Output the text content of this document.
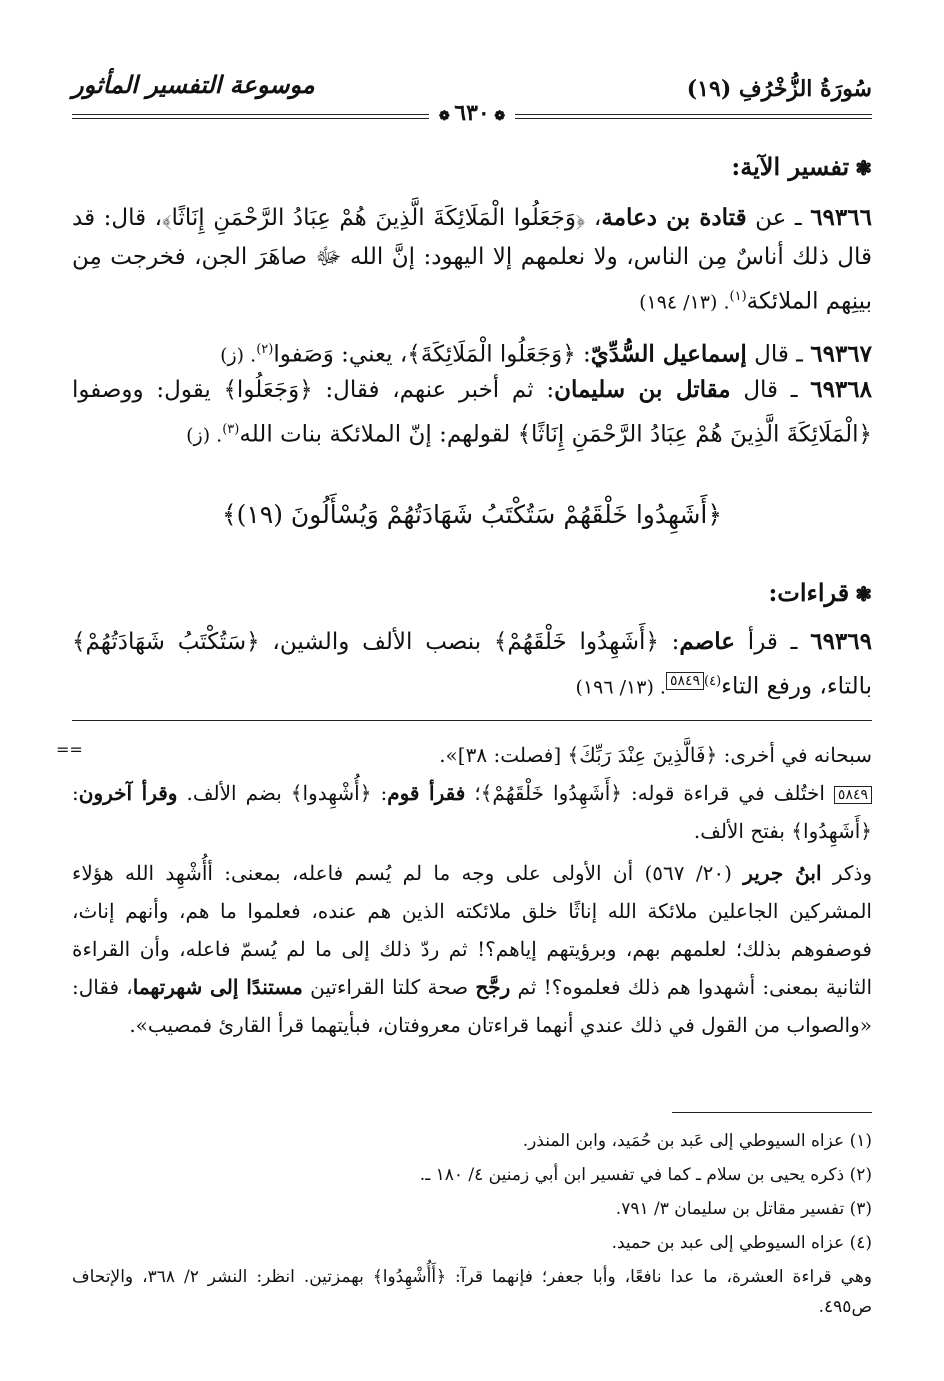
سُورَةُ الزُّخْرُفِ (١٩)
موسوعة التفسير المأثور
❁ ٦٣٠ ❁
❃تفسير الآية:
٦٩٣٦٦ ـ عن قتادة بن دعامة، ﴿وَجَعَلُوا الْمَلَائِكَةَ الَّذِينَ هُمْ عِبَادُ الرَّحْمَنِ إِنَاثًا﴾، قال: قد قال ذلك أناسٌ مِن الناس، ولا نعلمهم إلا اليهود: إنَّ الله ﷻ صاهَرَ الجن، فخرجت مِن بينِهم الملائكة$^{(١)}$. (١٣/ ١٩٤)
٦٩٣٦٧ ـ قال إسماعيل السُّدِّيّ: ﴿وَجَعَلُوا الْمَلَائِكَةَ﴾، يعني: وَصَفوا$^{(٢)}$. (ز)
٦٩٣٦٨ ـ قال مقاتل بن سليمان: ثم أخبر عنهم، فقال: ﴿وَجَعَلُوا﴾ يقول: ووصفوا ﴿الْمَلَائِكَةَ الَّذِينَ هُمْ عِبَادُ الرَّحْمَنِ إِنَاثًا﴾ لقولهم: إنّ الملائكة بنات الله$^{(٣)}$. (ز)
﴿أَشَهِدُوا خَلْقَهُمْ سَتُكْتَبُ شَهَادَتُهُمْ وَيُسْأَلُونَ (١٩)﴾
❃قراءات:
٦٩٣٦٩ ـ قرأ عاصم: ﴿أَشَهِدُوا خَلْقَهُمْ﴾ بنصب الألف والشين، ﴿سَتُكْتَبُ شَهَادَتُهُمْ﴾ بالتاء، ورفع التاء$^{(٤)}$٥٨٤٩. (١٣/ ١٩٦)
==	سبحانه في أخرى: ﴿فَالَّذِينَ عِنْدَ رَبِّكَ﴾ [فصلت: ٣٨]».
٥٨٤٩ اختُلف في قراءة قوله: ﴿أَشَهِدُوا خَلْقَهُمْ﴾؛ فقرأ قوم: ﴿أُشْهِدوا﴾ بضم الألف. وقرأ آخرون: ﴿أَشَهِدُوا﴾ بفتح الألف.
وذكر ابنُ جرير (٢٠/ ٥٦٧) أن الأولى على وجه ما لم يُسم فاعله، بمعنى: أأُشْهِد الله هؤلاء المشركين الجاعلين ملائكة الله إناثًا خلق ملائكته الذين هم عنده، فعلموا ما هم، وأنهم إناث، فوصفوهم بذلك؛ لعلمهم بهم، وبرؤيتهم إياهم؟! ثم ردّ ذلك إلى ما لم يُسمّ فاعله، وأن القراءة الثانية بمعنى: أشهدوا هم ذلك فعلموه؟! ثم رجَّح صحة كلتا القراءتين مستندًا إلى شهرتهما، فقال: «والصواب من القول في ذلك عندي أنهما قراءتان معروفتان، فبأيتهما قرأ القارئ فمصيب».
(١) عزاه السيوطي إلى عَبد بن حُمَيد، وابن المنذر.
(٢) ذكره يحيى بن سلام ـ كما في تفسير ابن أبي زمنين ٤/ ١٨٠ ـ.
(٣) تفسير مقاتل بن سليمان ٣/ ٧٩١.
(٤) عزاه السيوطي إلى عبد بن حميد.
وهي قراءة العشرة، ما عدا نافعًا، وأبا جعفر؛ فإنهما قرآ: ﴿أَأُشْهِدُوا﴾ بهمزتين. انظر: النشر ٢/ ٣٦٨، والإتحاف ص٤٩٥.
